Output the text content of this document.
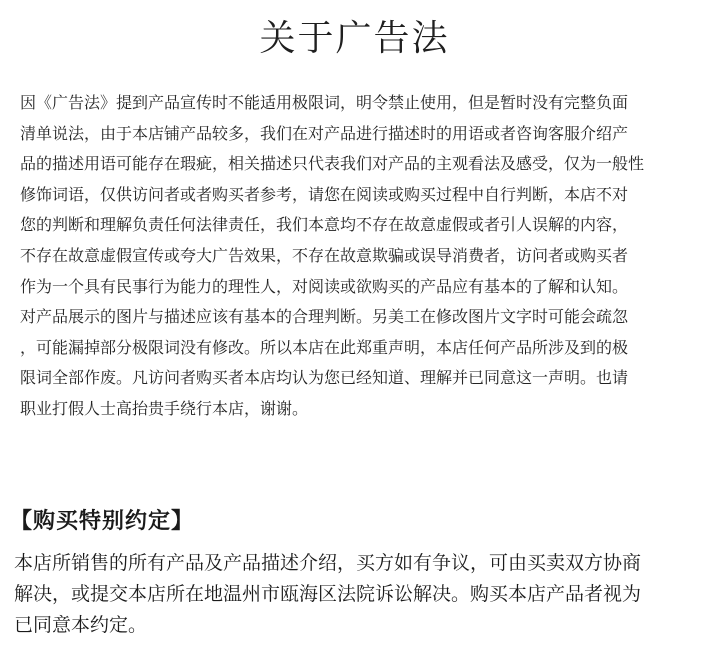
关于广告法
因《广告法》提到产品宣传时不能适用极限词，明令禁止使用，但是暂时没有完整负面
清单说法，由于本店铺产品较多，我们在对产品进行描述时的用语或者咨询客服介绍产
品的描述用语可能存在瑕疵，相关描述只代表我们对产品的主观看法及感受，仅为一般性
修饰词语，仅供访问者或者购买者参考，请您在阅读或购买过程中自行判断，本店不对
您的判断和理解负责任何法律责任，我们本意均不存在故意虚假或者引人误解的内容，
不存在故意虚假宣传或夸大广告效果，不存在故意欺骗或误导消费者，访问者或购买者
作为一个具有民事行为能力的理性人，对阅读或欲购买的产品应有基本的了解和认知。
对产品展示的图片与描述应该有基本的合理判断。另美工在修改图片文字时可能会疏忽
，可能漏掉部分极限词没有修改。所以本店在此郑重声明，本店任何产品所涉及到的极
限词全部作废。凡访问者购买者本店均认为您已经知道、理解并已同意这一声明。也请
职业打假人士高抬贵手绕行本店，谢谢。
【购买特别约定】
本店所销售的所有产品及产品描述介绍，买方如有争议，可由买卖双方协商
解决，或提交本店所在地温州市瓯海区法院诉讼解决。购买本店产品者视为
已同意本约定。
